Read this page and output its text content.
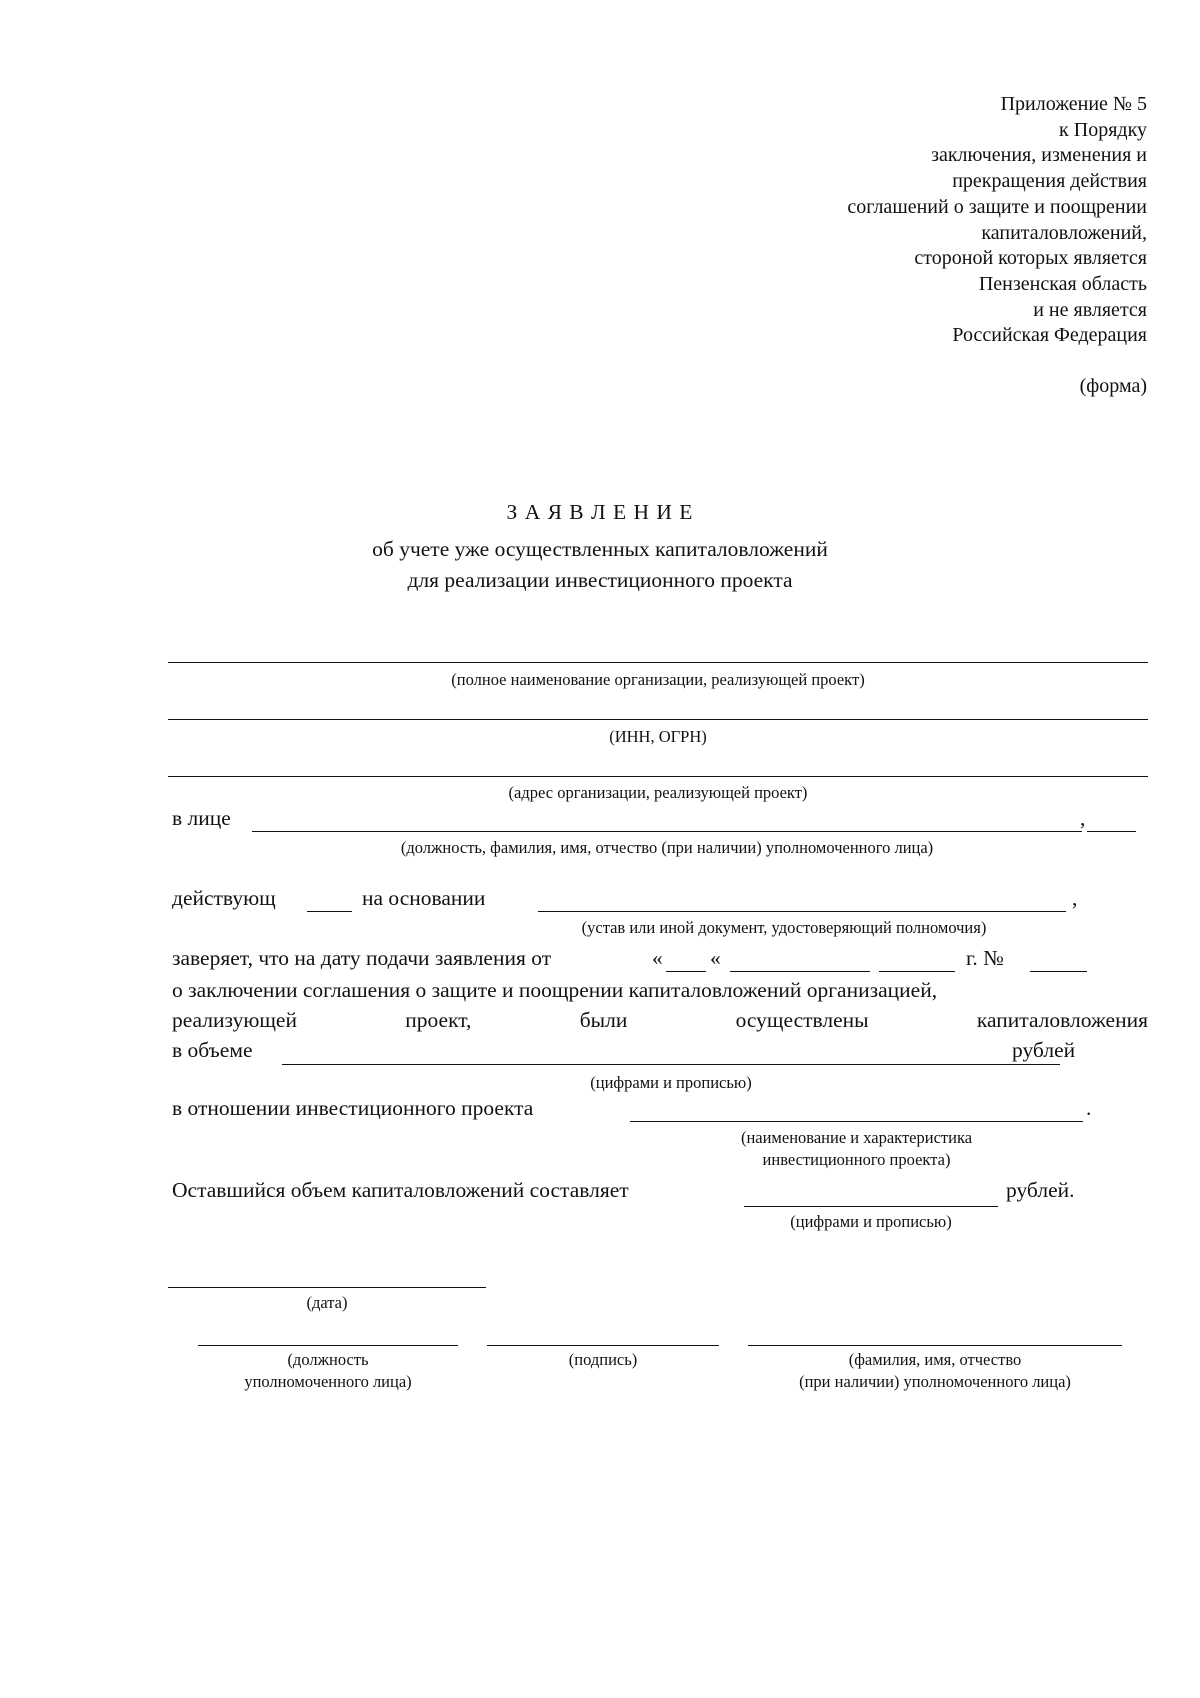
Приложение № 5
к Порядку
заключения, изменения и
прекращения действия
соглашений о защите и поощрении
капиталовложений,
стороной которых является
Пензенская область
и не является
Российская Федерация
(форма)
З А Я В Л Е Н И Е
об учете уже осуществленных капиталовложений
для реализации инвестиционного проекта
(полное наименование организации, реализующей проект)
(ИНН, ОГРН)
(адрес организации, реализующей проект)
в лице	,
(должность, фамилия, имя, отчество (при наличии) уполномоченного лица)
действующ	на основании	,
(устав или иной документ, удостоверяющий полномочия)
заверяет, что на дату подачи заявления от	« «	г. №
о заключении соглашения о защите и поощрении капиталовложений организацией,
реализующей	проект,	были	осуществлены	капиталовложения
в объеме	рублей
(цифрами и прописью)
в отношении инвестиционного проекта	.
(наименование и характеристика
инвестиционного проекта)
Оставшийся объем капиталовложений составляет	рублей.
(цифрами и прописью)
(дата)
(должность
уполномоченного лица)
(подпись)	(фамилия, имя, отчество
(при наличии) уполномоченного лица)
